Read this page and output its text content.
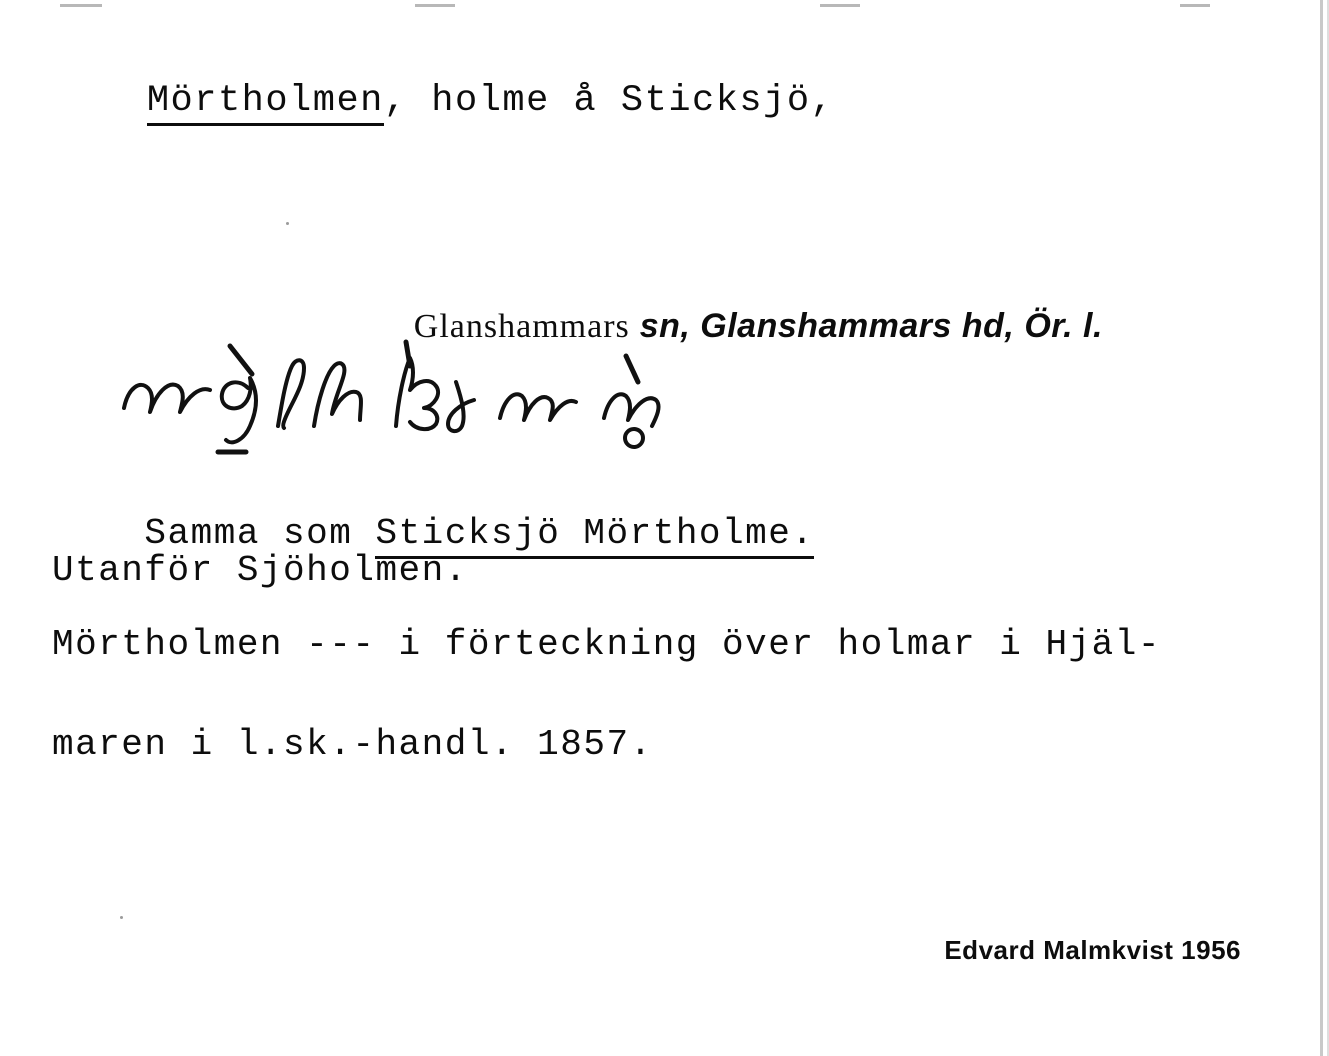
Mörtholmen, holme å Sticksjö,

Glanshammars sn, Glanshammars hd, Ör. l.

Samma som Sticksjö Mörtholme.

Utanför Sjöholmen.
Mörtholmen --- i förteckning över holmar i Hjäl-
maren i l.sk.-handl. 1857.
Edvard Malmkvist 1956
